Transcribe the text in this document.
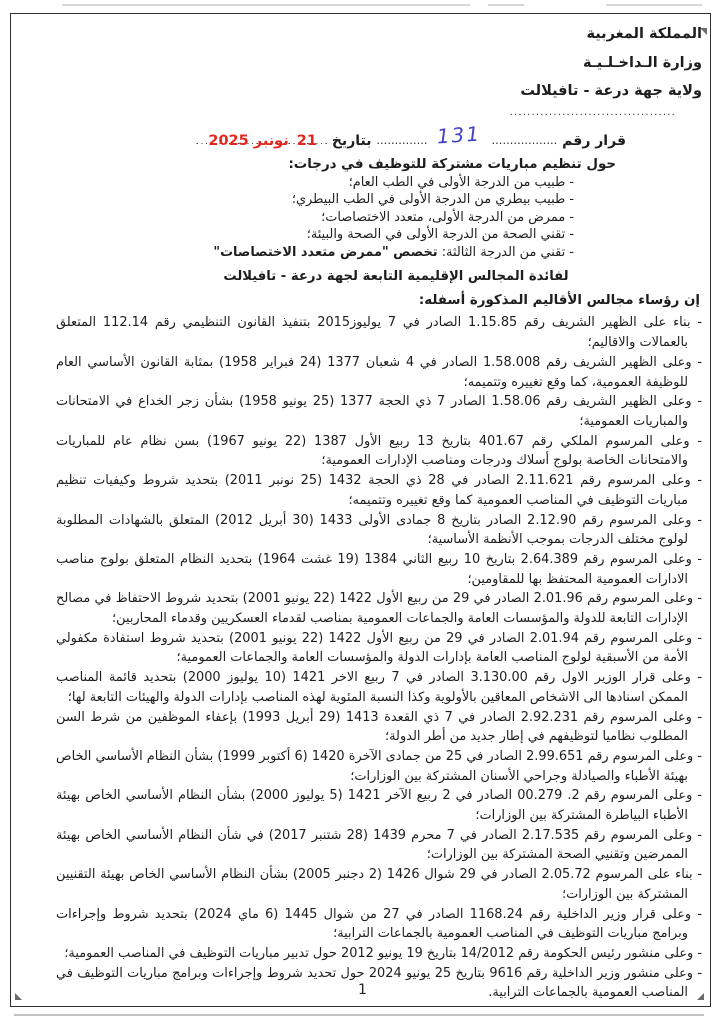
المملكة المغربية

وزارة الـداخـلـيـة

ولاية جهة درعة - تافيلالت

......................................

قرار رقم .................. 131 .............. بتاريخ 21 نونبر 2025

حول تنظيم مباريات مشتركة للتوظيف في درجات:

- طبيب من الدرجة الأولى في الطب العام؛

- طبيب بيطري من الدرجة الأولى في الطب البيطري؛

- ممرض من الدرجة الأولى، متعدد الاختصاصات؛

- تقني الصحة من الدرجة الأولى في الصحة والبيئة؛

- تقني من الدرجة الثالثة: تخصص "ممرض متعدد الاختصاصات"

لفائدة المجالس الإقليمية التابعة لجهة درعة - تافيلالت

إن رؤساء مجالس الأقاليم المذكورة أسفله:

- بناء على الظهير الشريف رقم 1.15.85 الصادر في 7 يوليوز2015 بتنفيذ القانون التنظيمي رقم 112.14 المتعلق بالعمالات والاقاليم؛

- وعلى الظهير الشريف رقم 1.58.008 الصادر في 4 شعبان 1377 (24 فبراير 1958) بمثابة القانون الأساسي العام للوظيفة العمومية، كما وقع تغييره وتتميمه؛

- وعلى الظهير الشريف رقم 1.58.06 الصادر 7 ذي الحجة 1377 (25 يونيو 1958) بشأن زجر الخداع في الامتحانات والمباريات العمومية؛

- وعلى المرسوم الملكي رقم 401.67 بتاريخ 13 ربيع الأول 1387 (22 يونيو 1967) بسن نظام عام للمباريات والامتحانات الخاصة بولوج أسلاك ودرجات ومناصب الإدارات العمومية؛

- وعلى المرسوم رقم 2.11.621 الصادر في 28 ذي الحجة 1432 (25 نونبر 2011) بتحديد شروط وكيفيات تنظيم مباريات التوظيف في المناصب العمومية كما وقع تغييره وتتميمه؛

- وعلى المرسوم رقم 2.12.90 الصادر بتاريخ 8 جمادى الأولى 1433 (30 أبريل 2012) المتعلق بالشهادات المطلوبة لولوج مختلف الدرجات بموجب الأنظمة الأساسية؛

- وعلى المرسوم رقم 2.64.389 بتاريخ 10 ربيع الثاني 1384 (19 غشت 1964) بتحديد النظام المتعلق بولوج مناصب الادارات العمومية المحتفظ بها للمقاومين؛

- وعلى المرسوم رقم 2.01.96 الصادر في 29 من ربيع الأول 1422 (22 يونيو 2001) بتحديد شروط الاحتفاظ في مصالح الإدارات التابعة للدولة والمؤسسات العامة والجماعات العمومية بمناصب لقدماء العسكريين وقدماء المحاربين؛

- وعلى المرسوم رقم 2.01.94 الصادر في 29 من ربيع الأول 1422 (22 يونيو 2001) بتحديد شروط استفادة مكفولي الأمة من الأسبقية لولوج المناصب العامة بإدارات الدولة والمؤسسات العامة والجماعات العمومية؛

- وعلى قرار الوزير الاول رقم 3.130.00 الصادر في 7 ربيع الاخر 1421 (10 يوليوز 2000) بتحديد قائمة المناصب الممكن اسنادها الى الاشخاص المعاقين بالأولوية وكذا النسبة المئوية لهذه المناصب بإدارات الدولة والهيئات التابعة لها؛

- وعلى المرسوم رقم 2.92.231 الصادر في 7 ذي القعدة 1413 (29 أبريل 1993) بإعفاء الموظفين من شرط السن المطلوب نظاميا لتوظيفهم في إطار جديد من أطر الدولة؛

- وعلى المرسوم رقم 2.99.651 الصادر في 25 من جمادى الآخرة 1420 (6 أكتوبر 1999) بشأن النظام الأساسي الخاص بهيئة الأطباء والصيادلة وجراحي الأسنان المشتركة بين الوزارات؛

- وعلى المرسوم رقم 2. 00.279 الصادر في 2 ربيع الآخر 1421 (5 يوليوز 2000) بشأن النظام الأساسي الخاص بهيئة الأطباء البياطرة المشتركة بين الوزارات؛

- وعلى المرسوم رقم 2.17.535 الصادر في 7 محرم 1439 (28 شتنبر 2017) في شأن النظام الأساسي الخاص بهيئة الممرضين وتقنيي الصحة المشتركة بين الوزارات؛

- بناء على المرسوم 2.05.72 الصادر في 29 شوال 1426 (2 دجنبر 2005) بشأن النظام الأساسي الخاص بهيئة التقنيين المشتركة بين الوزارات؛

- وعلى قرار وزير الداخلية رقم 1168.24 الصادر في 27 من شوال 1445 (6 ماي 2024) بتحديد شروط وإجراءات وبرامج مباريات التوظيف في المناصب العمومية بالجماعات الترابية؛

- وعلى منشور رئيس الحكومة رقم 14/2012 بتاريخ 19 يونيو 2012 حول تدبير مباريات التوظيف في المناصب العمومية؛

- وعلى منشور وزير الداخلية رقم 9616 بتاريخ 25 يونيو 2024 حول تحديد شروط وإجراءات وبرامج مباريات التوظيف في المناصب العمومية بالجماعات الترابية.

1
